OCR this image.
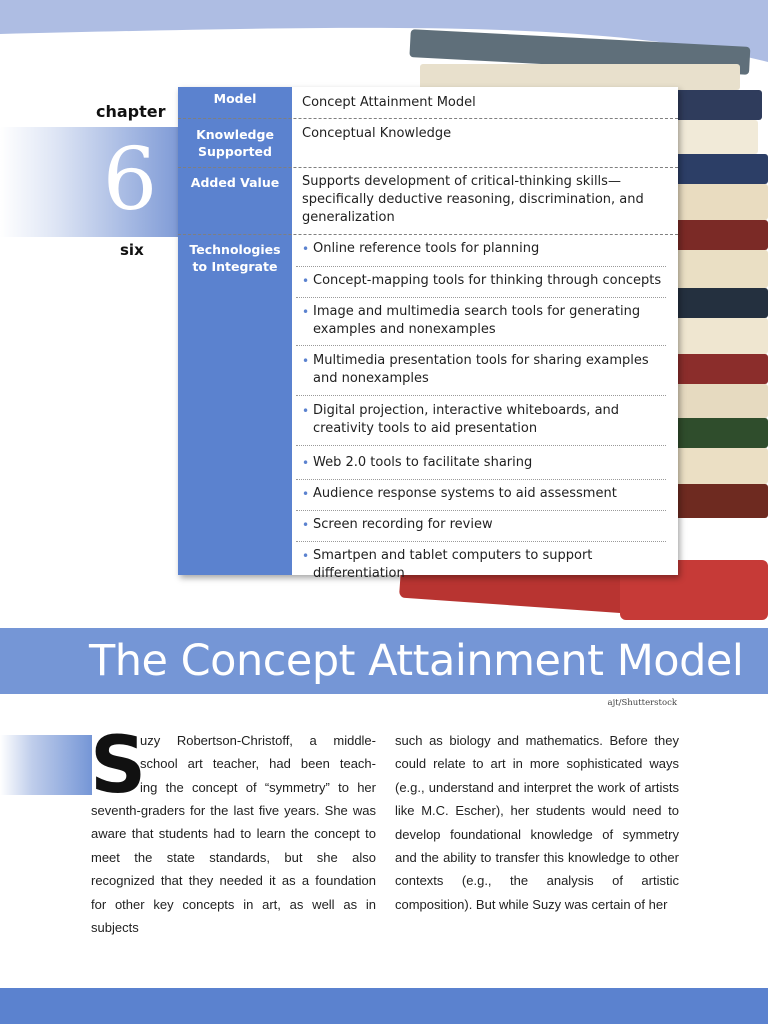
chapter
6
six
Model	Concept Attainment Model
Knowledge Supported
Conceptual Knowledge
Added Value	Supports development of critical-thinking skills—specifically deductive reasoning, discrimination, and generalization
Technologies to Integrate
• Online reference tools for planning
• Concept-mapping tools for thinking through concepts
• Image and multimedia search tools for generating examples and nonexamples
• Multimedia presentation tools for sharing examples and nonexamples
• Digital projection, interactive whiteboards, and creativity tools to aid presentation
• Web 2.0 tools to facilitate sharing
• Audience response systems to aid assessment
• Screen recording for review
• Smartpen and tablet computers to support differentiation
The Concept Attainment Model
ajt/Shutterstock
S

uzy Robertson-Christoff, a middle-

school art teacher, had been teach-

ing the concept of “symmetry” to her

seventh-graders for the last five years. She was aware that students had to learn the concept to meet the state standards, but she also recognized that they needed it as a foundation for other key concepts in art, as well as in subjects

such as biology and mathematics. Before they could relate to art in more sophisticated ways (e.g., understand and interpret the work of artists like M.C. Escher), her students would need to develop foundational knowledge of symmetry and the ability to transfer this knowledge to other contexts (e.g., the analysis of artistic composition). But while Suzy was certain of her
